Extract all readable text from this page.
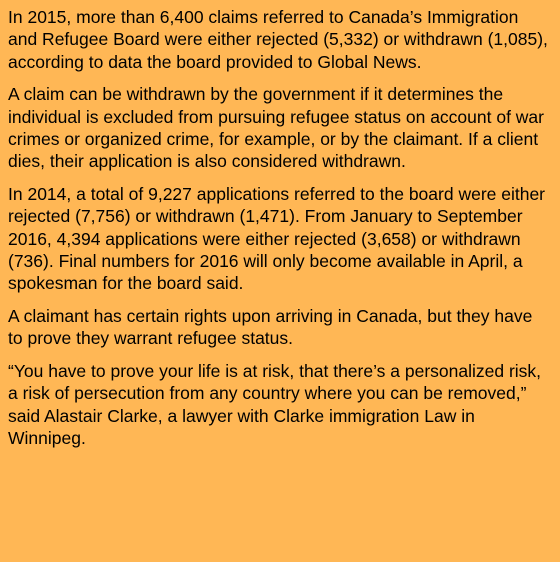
In 2015, more than 6,400 claims referred to Canada’s Immigration and Refugee Board were either rejected (5,332) or withdrawn (1,085), according to data the board provided to Global News.

A claim can be withdrawn by the government if it determines the individual is excluded from pursuing refugee status on account of war crimes or organized crime, for example, or by the claimant. If a client dies, their application is also considered withdrawn.

In 2014, a total of 9,227 applications referred to the board were either rejected (7,756) or withdrawn (1,471). From January to September 2016, 4,394 applications were either rejected (3,658) or withdrawn (736). Final numbers for 2016 will only become available in April, a spokesman for the board said.

A claimant has certain rights upon arriving in Canada, but they have to prove they warrant refugee status.

“You have to prove your life is at risk, that there’s a personalized risk, a risk of persecution from any country where you can be removed,” said Alastair Clarke, a lawyer with Clarke immigration Law in Winnipeg.
